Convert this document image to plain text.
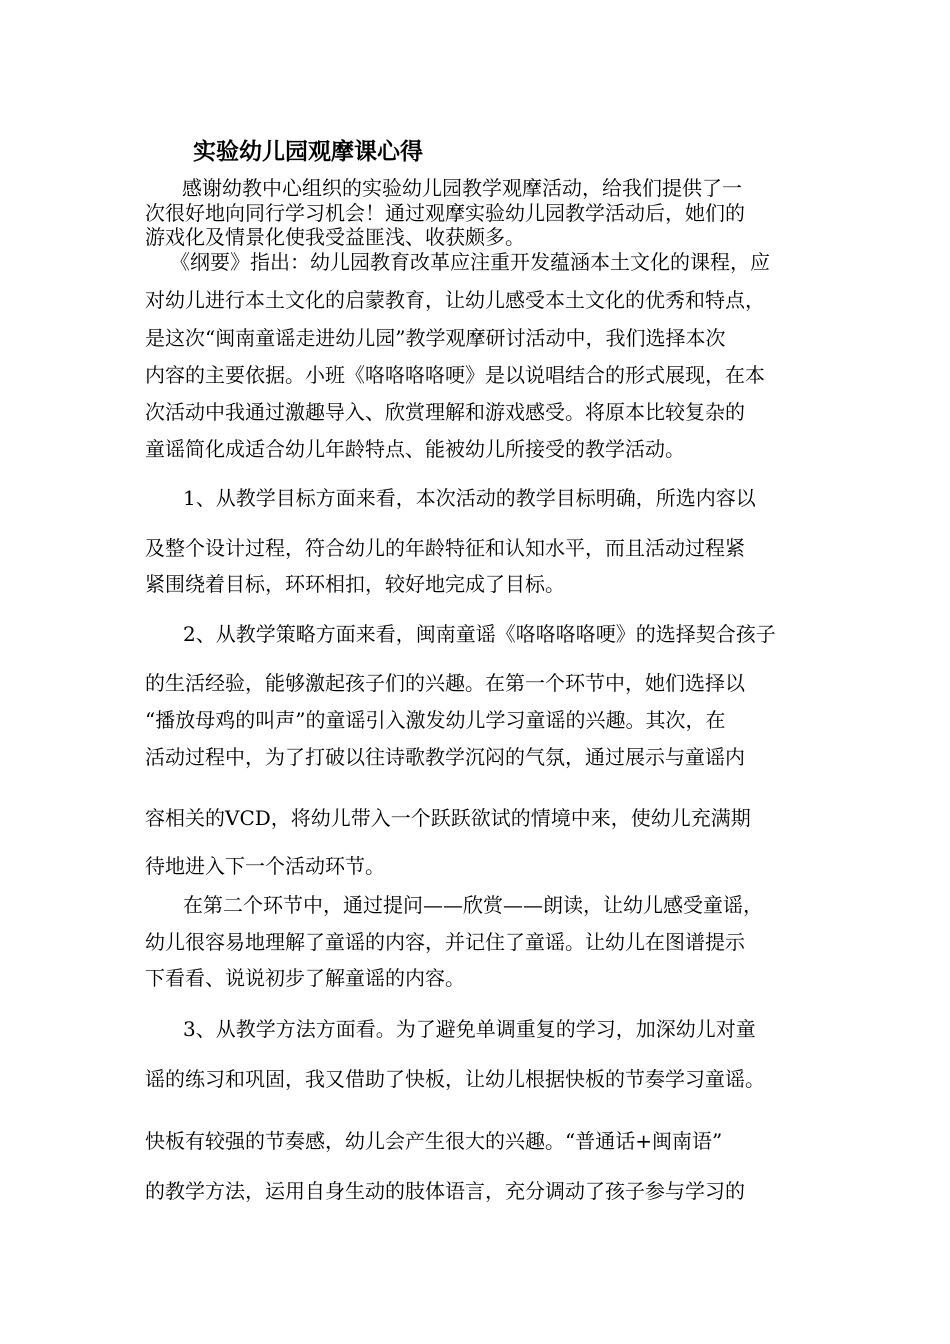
实验幼儿园观摩课心得
　感谢幼教中心组织的实验幼儿园教学观摩活动，给我们提供了一
次很好地向同行学习机会！通过观摩实验幼儿园教学活动后，她们的
游戏化及情景化使我受益匪浅、收获颇多。
《纲要》指出：幼儿园教育改革应注重开发蕴涵本土文化的课程，应
对幼儿进行本土文化的启蒙教育，让幼儿感受本土文化的优秀和特点，
是这次“闽南童谣走进幼儿园”教学观摩研讨活动中，我们选择本次
内容的主要依据。小班《咯咯咯咯哽》是以说唱结合的形式展现，在本
次活动中我通过激趣导入、欣赏理解和游戏感受。将原本比较复杂的
童谣简化成适合幼儿年龄特点、能被幼儿所接受的教学活动。
1、从教学目标方面来看，本次活动的教学目标明确，所选内容以
及整个设计过程，符合幼儿的年龄特征和认知水平，而且活动过程紧
紧围绕着目标，环环相扣，较好地完成了目标。
2、从教学策略方面来看，闽南童谣《咯咯咯咯哽》的选择契合孩子
的生活经验，能够激起孩子们的兴趣。在第一个环节中，她们选择以
“播放母鸡的叫声”的童谣引入激发幼儿学习童谣的兴趣。其次，在
活动过程中，为了打破以往诗歌教学沉闷的气氛，通过展示与童谣内
容相关的VCD，将幼儿带入一个跃跃欲试的情境中来，使幼儿充满期
待地进入下一个活动环节。
在第二个环节中，通过提问——欣赏——朗读，让幼儿感受童谣，
幼儿很容易地理解了童谣的内容，并记住了童谣。让幼儿在图谱提示
下看看、说说初步了解童谣的内容。
3、从教学方法方面看。为了避免单调重复的学习，加深幼儿对童
谣的练习和巩固，我又借助了快板，让幼儿根据快板的节奏学习童谣。
快板有较强的节奏感，幼儿会产生很大的兴趣。“普通话+闽南语”
的教学方法，运用自身生动的肢体语言，充分调动了孩子参与学习的
